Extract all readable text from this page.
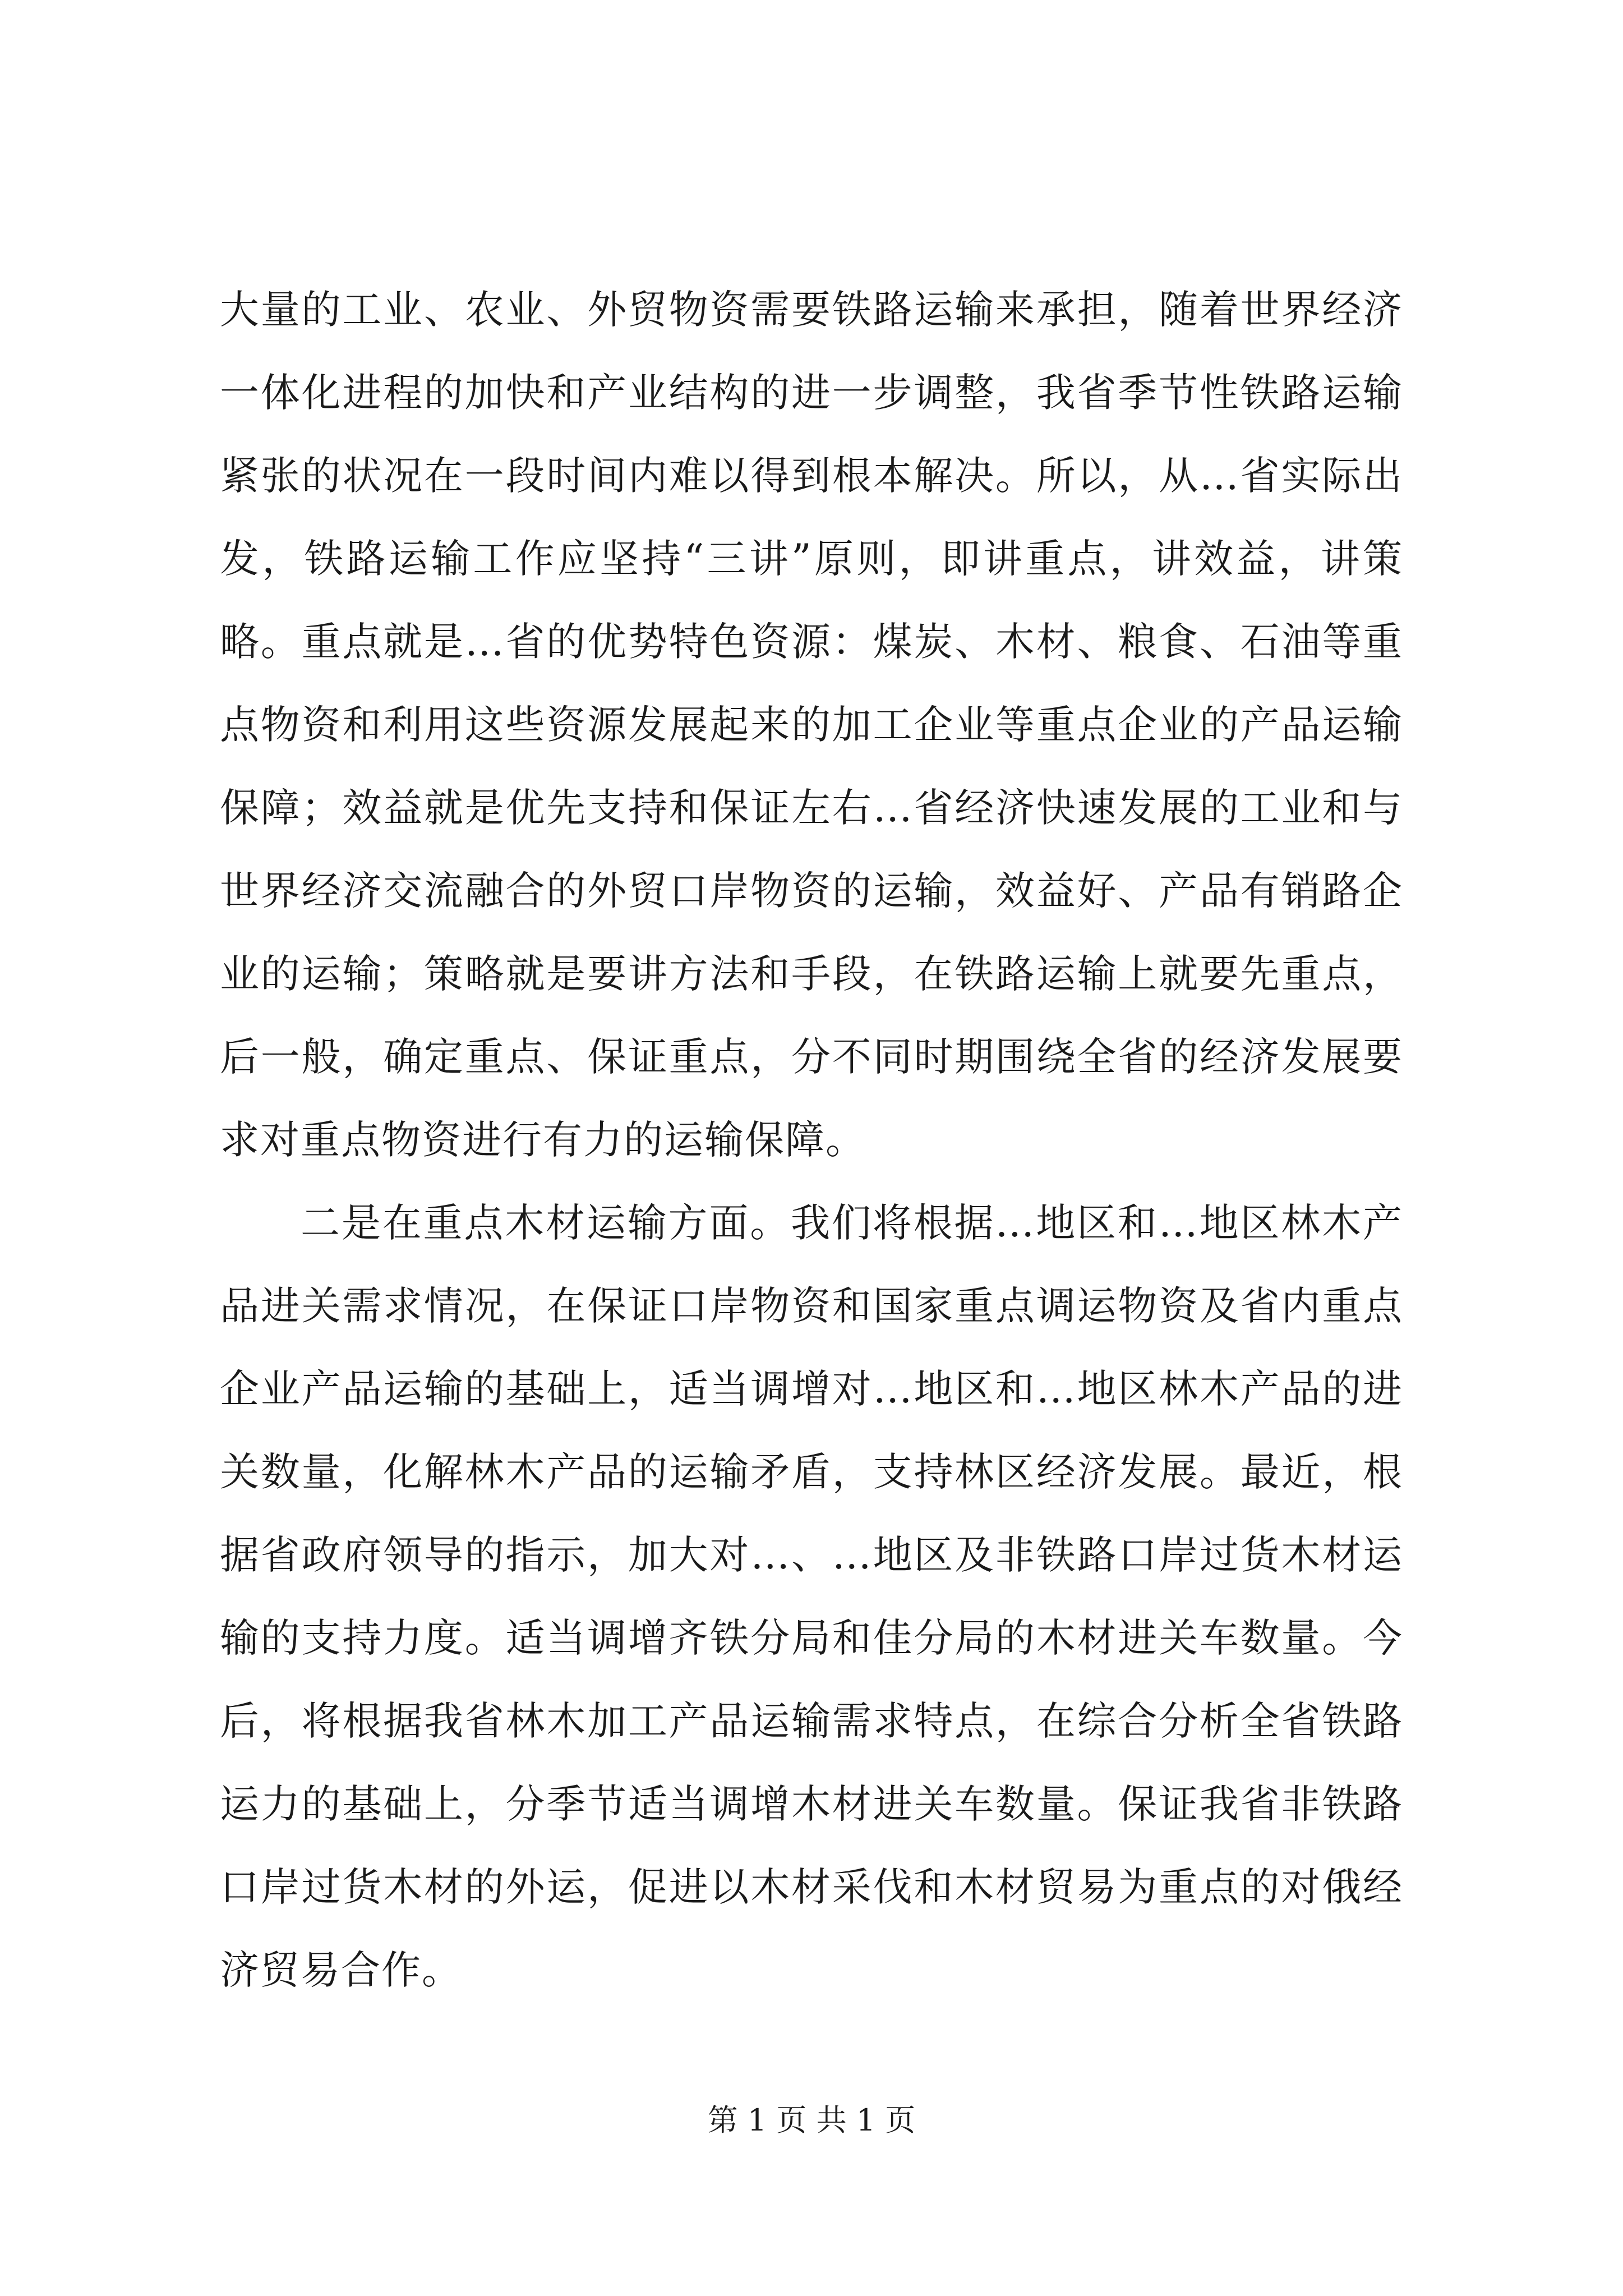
大量的工业、农业、外贸物资需要铁路运输来承担，随着世界经济一体化进程的加快和产业结构的进一步调整，我省季节性铁路运输紧张的状况在一段时间内难以得到根本解决。所以，从…省实际出发，铁路运输工作应坚持“三讲”原则，即讲重点，讲效益，讲策略。重点就是…省的优势特色资源：煤炭、木材、粮食、石油等重点物资和利用这些资源发展起来的加工企业等重点企业的产品运输保障；效益就是优先支持和保证左右…省经济快速发展的工业和与世界经济交流融合的外贸口岸物资的运输，效益好、产品有销路企业的运输；策略就是要讲方法和手段，在铁路运输上就要先重点，后一般，确定重点、保证重点，分不同时期围绕全省的经济发展要求对重点物资进行有力的运输保障。

二是在重点木材运输方面。我们将根据…地区和…地区林木产品进关需求情况，在保证口岸物资和国家重点调运物资及省内重点企业产品运输的基础上，适当调增对…地区和…地区林木产品的进关数量，化解林木产品的运输矛盾，支持林区经济发展。最近，根据省政府领导的指示，加大对…、…地区及非铁路口岸过货木材运输的支持力度。适当调增齐铁分局和佳分局的木材进关车数量。今后，将根据我省林木加工产品运输需求特点，在综合分析全省铁路运力的基础上，分季节适当调增木材进关车数量。保证我省非铁路口岸过货木材的外运，促进以木材采伐和木材贸易为重点的对俄经济贸易合作。

第 1 页 共 1 页
